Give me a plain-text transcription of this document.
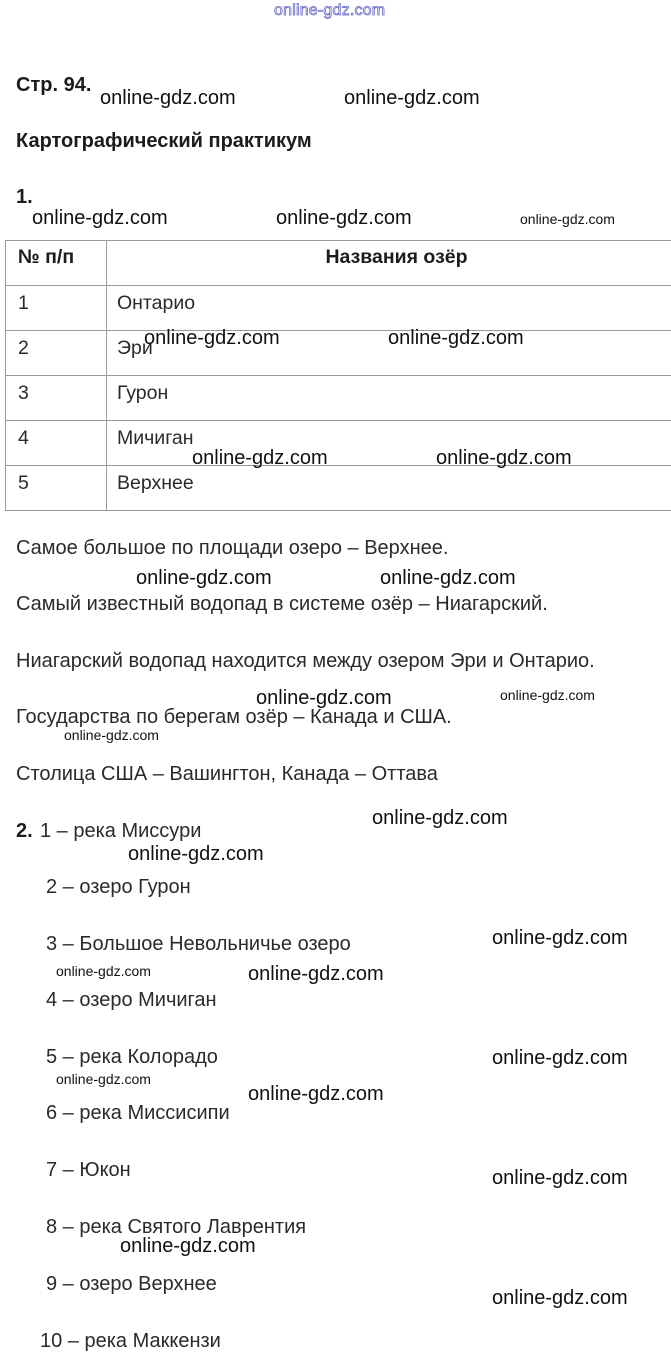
online-gdz.com
Стр. 94.
Картографический практикум
1.
№ п/п	Названия озёр
1	Онтарио
2	Эри
3	Гурон
4	Мичиган
5	Верхнее
Самое большое по площади озеро – Верхнее.
Самый известный водопад в системе озёр – Ниагарский.
Ниагарский водопад находится между озером Эри и Онтарио.
Государства по берегам озёр – Канада и США.
Столица США – Вашингтон, Канада – Оттава
2. 1 – река Миссури
2 – озеро Гурон
3 – Большое Невольничье озеро
4 – озеро Мичиган
5 – река Колорадо
6 – река Миссисипи
7 – Юкон
8 – река Святого Лаврентия
9 – озеро Верхнее
10 – река Маккензи
online-gdz.com	online-gdz.com
online-gdz.com	online-gdz.com
online-gdz.com	online-gdz.com
online-gdz.com	online-gdz.com
online-gdz.com	online-gdz.com
online-gdz.com
online-gdz.com
online-gdz.com
online-gdz.com
online-gdz.com
online-gdz.com
online-gdz.com
online-gdz.com
online-gdz.com
online-gdz.com
online-gdz.com
online-gdz.com
online-gdz.com
online-gdz.com
online-gdz.com
